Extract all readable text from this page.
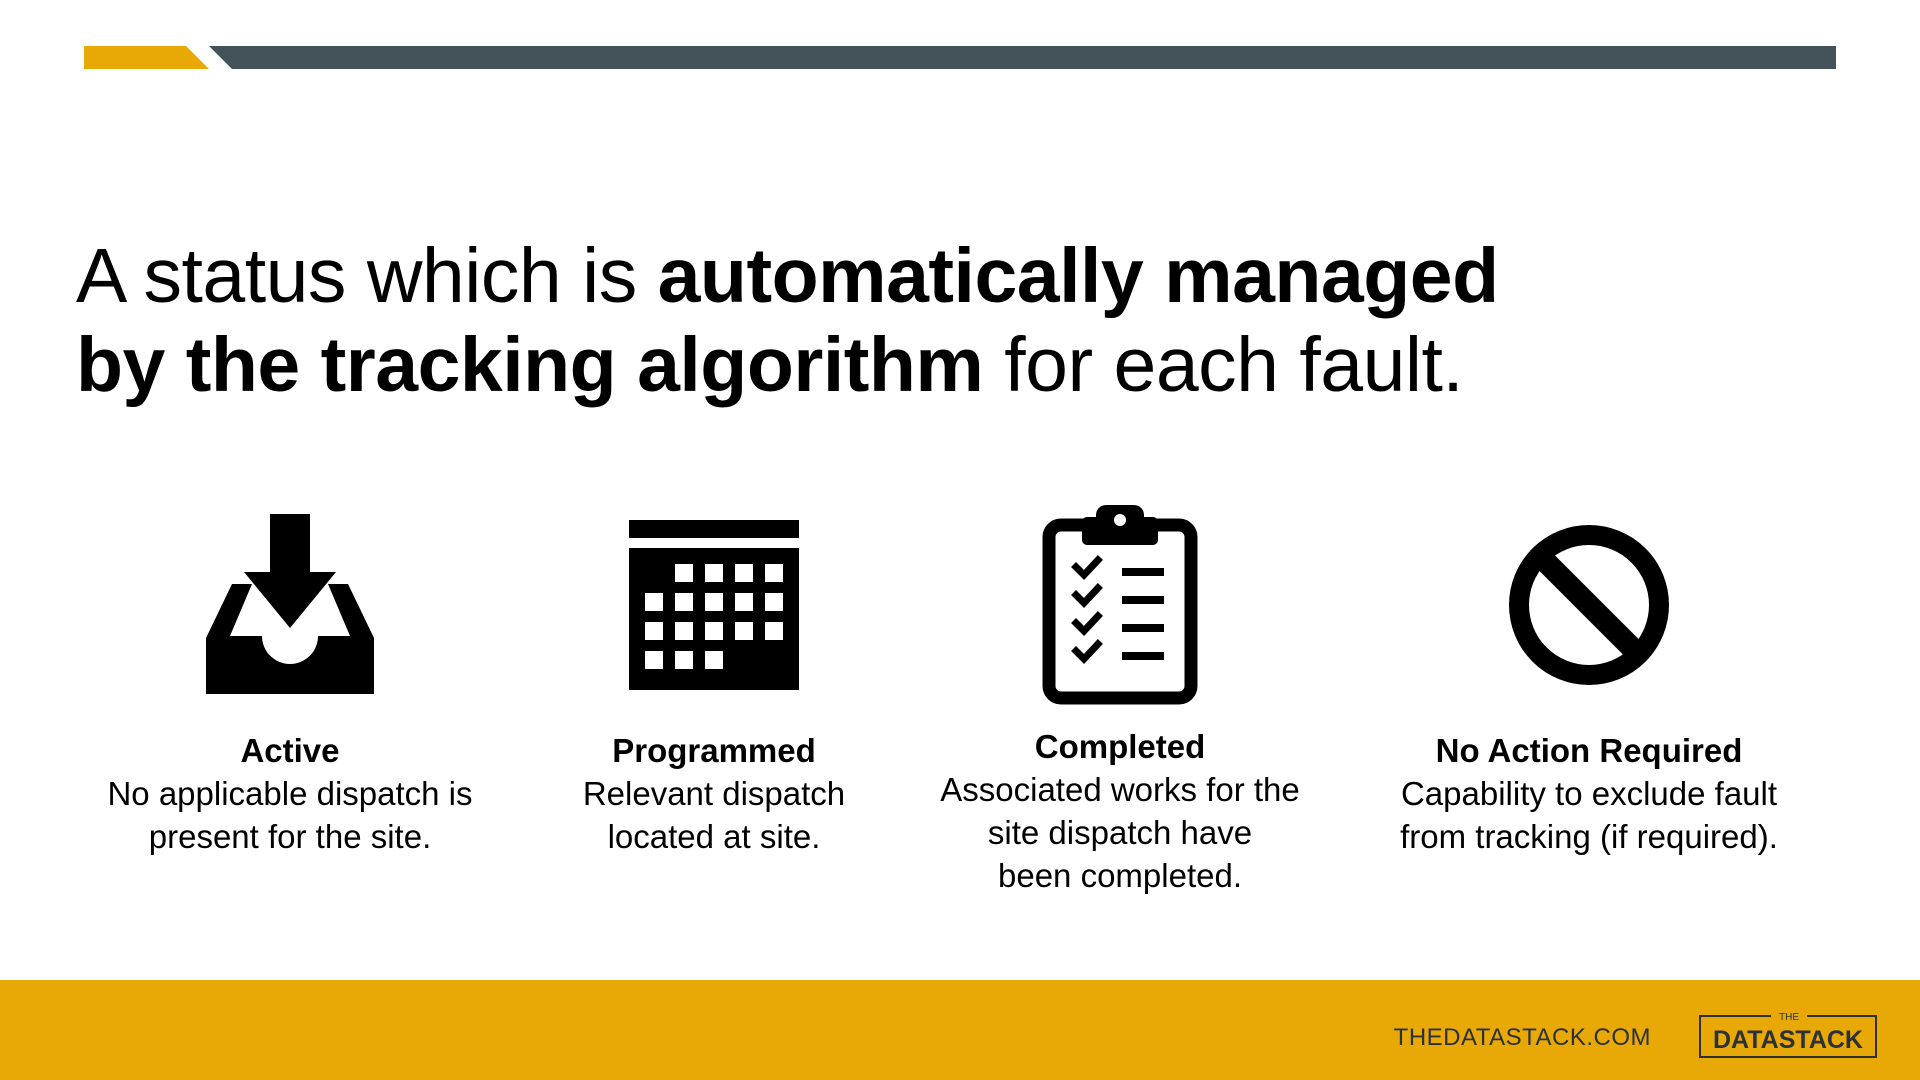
A status which is automatically managed
by the tracking algorithm for each fault.
Active
No applicable dispatch is
present for the site.
Programmed
Relevant dispatch
located at site.
Completed
Associated works for the
site dispatch have
been completed.
No Action Required
Capability to exclude fault
from tracking (if required).
THEDATASTACK.COM
THE
DATASTACK
